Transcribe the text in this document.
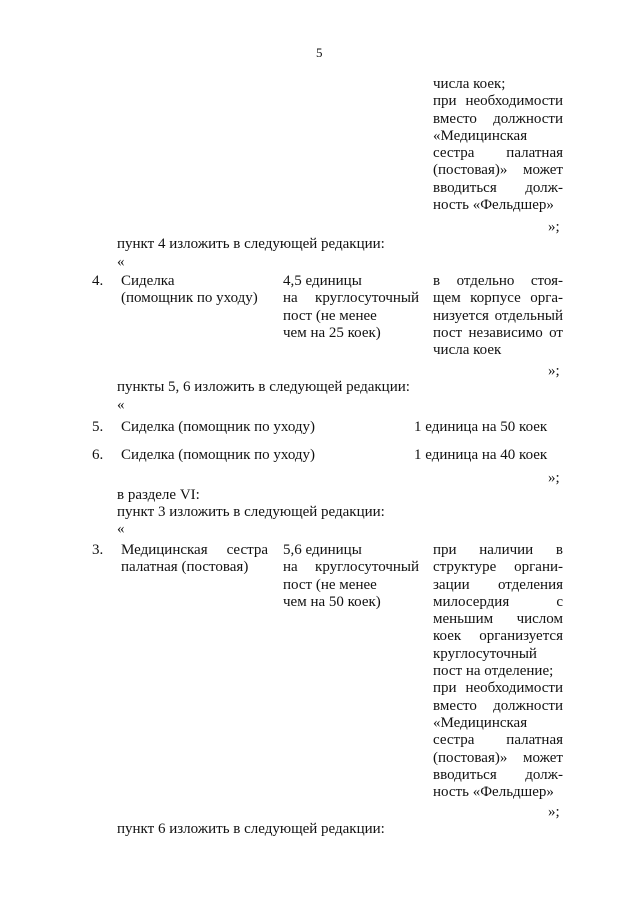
5
числа коек;
при необходимости
вместо должности
«Медицинская
сестра палатная
(постовая)» может
вводиться долж-
ность «Фельдшер»
»;
пункт 4 изложить в следующей редакции:
«
4. Сиделка
(помощник по уходу)
4,5 единицы
на круглосуточный
пост (не менее
чем на 25 коек)
в отдельно стоя-
щем корпусе орга-
низуется отдельный
пост независимо от
числа коек
»;
пункты 5, 6 изложить в следующей редакции:
«
5. Сиделка (помощник по уходу)	1 единица на 50 коек
6. Сиделка (помощник по уходу)	1 единица на 40 коек
»;
в разделе VI:
пункт 3 изложить в следующей редакции:
«
3. Медицинская сестра
палатная (постовая)
5,6 единицы
на круглосуточный
пост (не менее
чем на 50 коек)
при наличии в
структуре органи-
зации отделения
милосердия с
меньшим числом
коек организуется
круглосуточный
пост на отделение;
при необходимости
вместо должности
«Медицинская
сестра палатная
(постовая)» может
вводиться долж-
ность «Фельдшер»
»;
пункт 6 изложить в следующей редакции:
